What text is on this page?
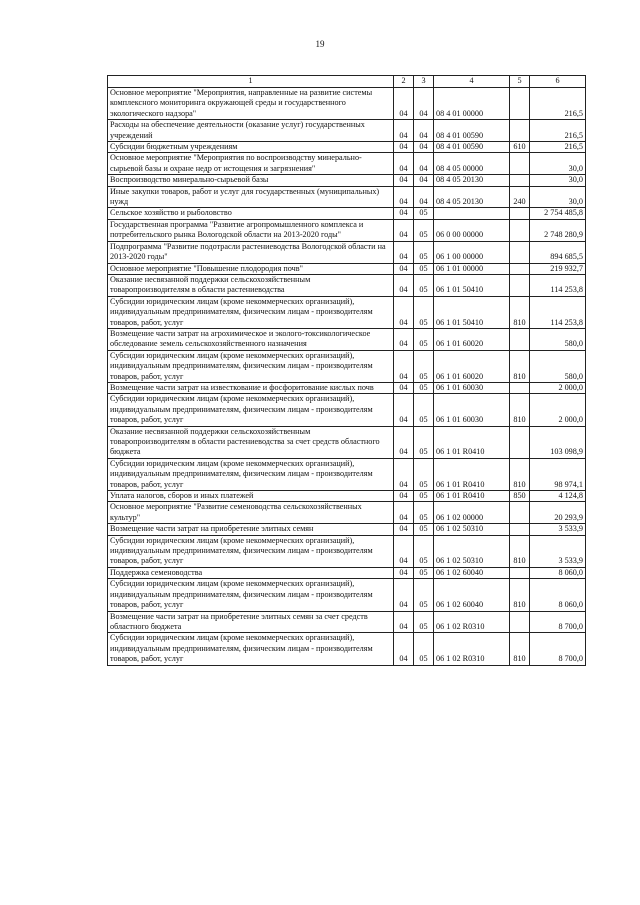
19
1	2	3	4	5	6
Основное мероприятие "Мероприятия, направленные на развитие системы комплексного мониторинга окружающей среды и государственного экологического надзора"	04	04	08 4 01 00000		216,5
Расходы на обеспечение деятельности (оказание услуг) государственных учреждений	04	04	08 4 01 00590		216,5
Субсидии бюджетным учреждениям	04	04	08 4 01 00590	610	216,5
Основное мероприятие "Мероприятия по воспроизводству минерально-сырьевой базы и охране недр от истощения и загрязнения"	04	04	08 4 05 00000		30,0
Воспроизводство минерально-сырьевой базы	04	04	08 4 05 20130		30,0
Иные закупки товаров, работ и услуг для государственных (муниципальных) нужд	04	04	08 4 05 20130	240	30,0
Сельское хозяйство и рыболовство	04	05			2 754 485,8
Государственная программа "Развитие агропромышленного комплекса и потребительского рынка Вологодской области на 2013-2020 годы"	04	05	06 0 00 00000		2 748 280,9
Подпрограмма "Развитие подотрасли растениеводства Вологодской области на 2013-2020 годы"	04	05	06 1 00 00000		894 685,5
Основное мероприятие "Повышение плодородия почв"	04	05	06 1 01 00000		219 932,7
Оказание несвязанной поддержки сельскохозяйственным товаропроизводителям в области растениеводства	04	05	06 1 01 50410		114 253,8
Субсидии юридическим лицам (кроме некоммерческих организаций), индивидуальным предпринимателям, физическим лицам - производителям товаров, работ, услуг	04	05	06 1 01 50410	810	114 253,8
Возмещение части затрат на агрохимическое и эколого-токсикологическое обследование земель сельскохозяйственного назначения	04	05	06 1 01 60020		580,0
Субсидии юридическим лицам (кроме некоммерческих организаций), индивидуальным предпринимателям, физическим лицам - производителям товаров, работ, услуг	04	05	06 1 01 60020	810	580,0
Возмещение части затрат на известкование и фосфоритование кислых почв	04	05	06 1 01 60030		2 000,0
Субсидии юридическим лицам (кроме некоммерческих организаций), индивидуальным предпринимателям, физическим лицам - производителям товаров, работ, услуг	04	05	06 1 01 60030	810	2 000,0
Оказание несвязанной поддержки сельскохозяйственным товаропроизводителям в области растениеводства за счет средств областного бюджета	04	05	06 1 01 R0410		103 098,9
Субсидии юридическим лицам (кроме некоммерческих организаций), индивидуальным предпринимателям, физическим лицам - производителям товаров, работ, услуг	04	05	06 1 01 R0410	810	98 974,1
Уплата налогов, сборов и иных платежей	04	05	06 1 01 R0410	850	4 124,8
Основное мероприятие "Развитие семеноводства сельскохозяйственных культур"	04	05	06 1 02 00000		20 293,9
Возмещение части затрат на приобретение элитных семян	04	05	06 1 02 50310		3 533,9
Субсидии юридическим лицам (кроме некоммерческих организаций), индивидуальным предпринимателям, физическим лицам - производителям товаров, работ, услуг	04	05	06 1 02 50310	810	3 533,9
Поддержка семеноводства	04	05	06 1 02 60040		8 060,0
Субсидии юридическим лицам (кроме некоммерческих организаций), индивидуальным предпринимателям, физическим лицам - производителям товаров, работ, услуг	04	05	06 1 02 60040	810	8 060,0
Возмещение части затрат на приобретение элитных семян за счет средств областного бюджета	04	05	06 1 02 R0310		8 700,0
Субсидии юридическим лицам (кроме некоммерческих организаций), индивидуальным предпринимателям, физическим лицам - производителям товаров, работ, услуг	04	05	06 1 02 R0310	810	8 700,0
